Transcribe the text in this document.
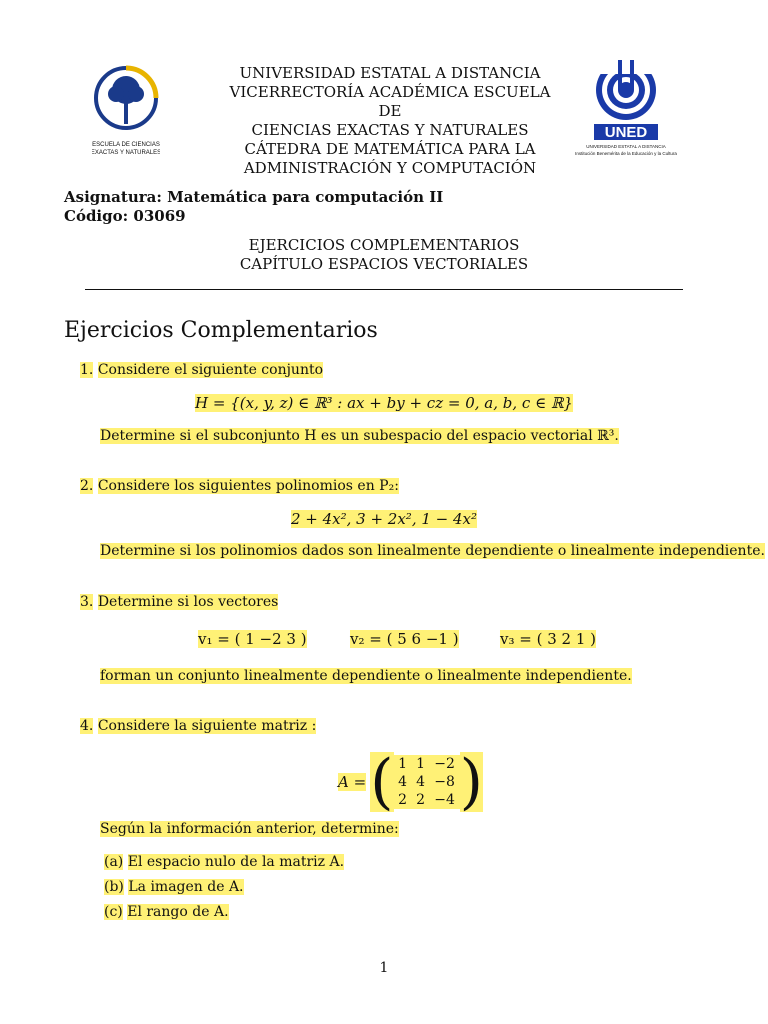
ESCUELA DE CIENCIAS
EXACTAS Y NATURALES
UNIVERSIDAD ESTATAL A DISTANCIA
VICERRECTORÍA ACADÉMICA ESCUELA DE
CIENCIAS EXACTAS Y NATURALES
CÁTEDRA DE MATEMÁTICA PARA LA
ADMINISTRACIÓN Y COMPUTACIÓN
UNED
UNIVERSIDAD ESTATAL A DISTANCIA
Institución Benemérita de la Educación y la Cultura
Asignatura: Matemática para computación II
Código: 03069
EJERCICIOS COMPLEMENTARIOS
CAPÍTULO ESPACIOS VECTORIALES
Ejercicios Complementarios
1. Considere el siguiente conjunto
H = {(x, y, z) ∈ ℝ³ : ax + by + cz = 0, a, b, c ∈ ℝ}
Determine si el subconjunto H es un subespacio del espacio vectorial ℝ³.
2. Considere los siguientes polinomios en P₂:
2 + 4x², 3 + 2x², 1 − 4x²
Determine si los polinomios dados son linealmente dependiente o linealmente independiente.
3. Determine si los vectores
v₁ = ( 1 −2 3 )	v₂ = ( 5 6 −1 )	v₃ = ( 3 2 1 )
forman un conjunto linealmente dependiente o linealmente independiente.
4. Considere la siguiente matriz :
A = ( 1 1 −2
4 4 −8
2 2 −4 )
Según la información anterior, determine:
(a) El espacio nulo de la matriz A.
(b) La imagen de A.
(c) El rango de A.
1
